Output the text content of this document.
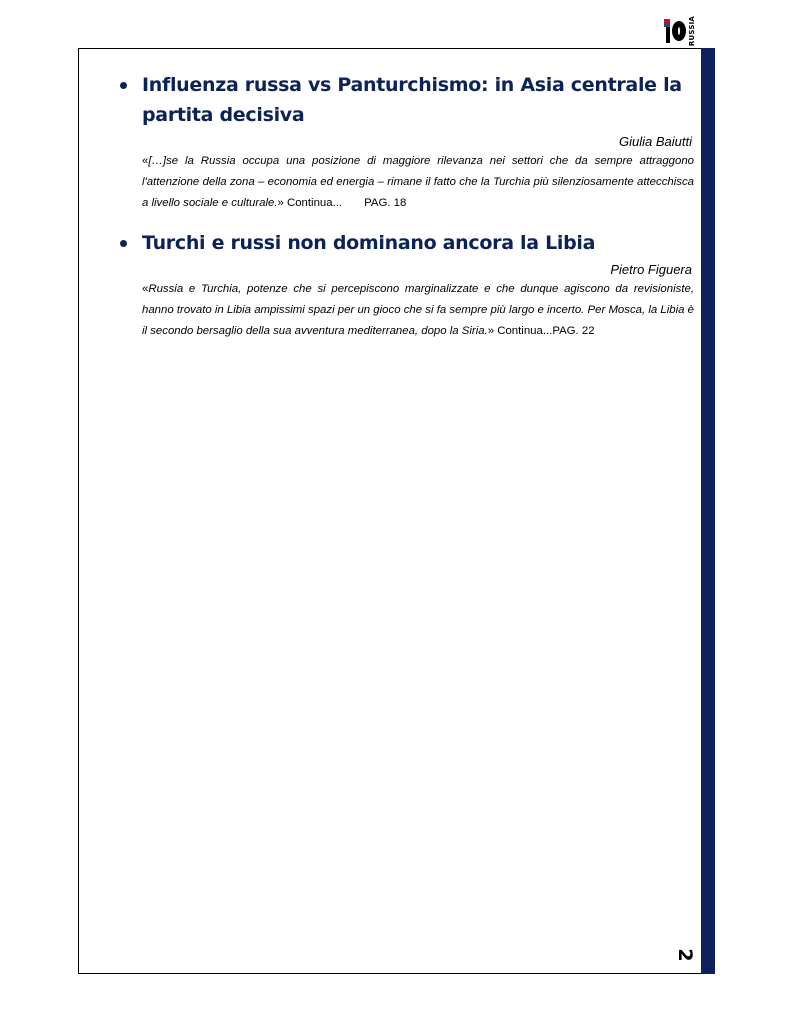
RUSSIA
Influenza russa vs Panturchismo: in Asia centrale la partita decisiva
Giulia Baiutti

«[…]se la Russia occupa una posizione di maggiore rilevanza nei settori che da sempre attraggono l'attenzione della zona – economia ed energia – rimane il fatto che la Turchia più silenziosamente attecchisca a livello sociale e culturale.» Continua... PAG. 18

Turchi e russi non dominano ancora la Libia
Pietro Figuera

«Russia e Turchia, potenze che si percepiscono marginalizzate e che dunque agiscono da revisioniste, hanno trovato in Libia ampissimi spazi per un gioco che si fa sempre più largo e incerto. Per Mosca, la Libia è il secondo bersaglio della sua avventura mediterranea, dopo la Siria.» Continua...PAG. 22

2
